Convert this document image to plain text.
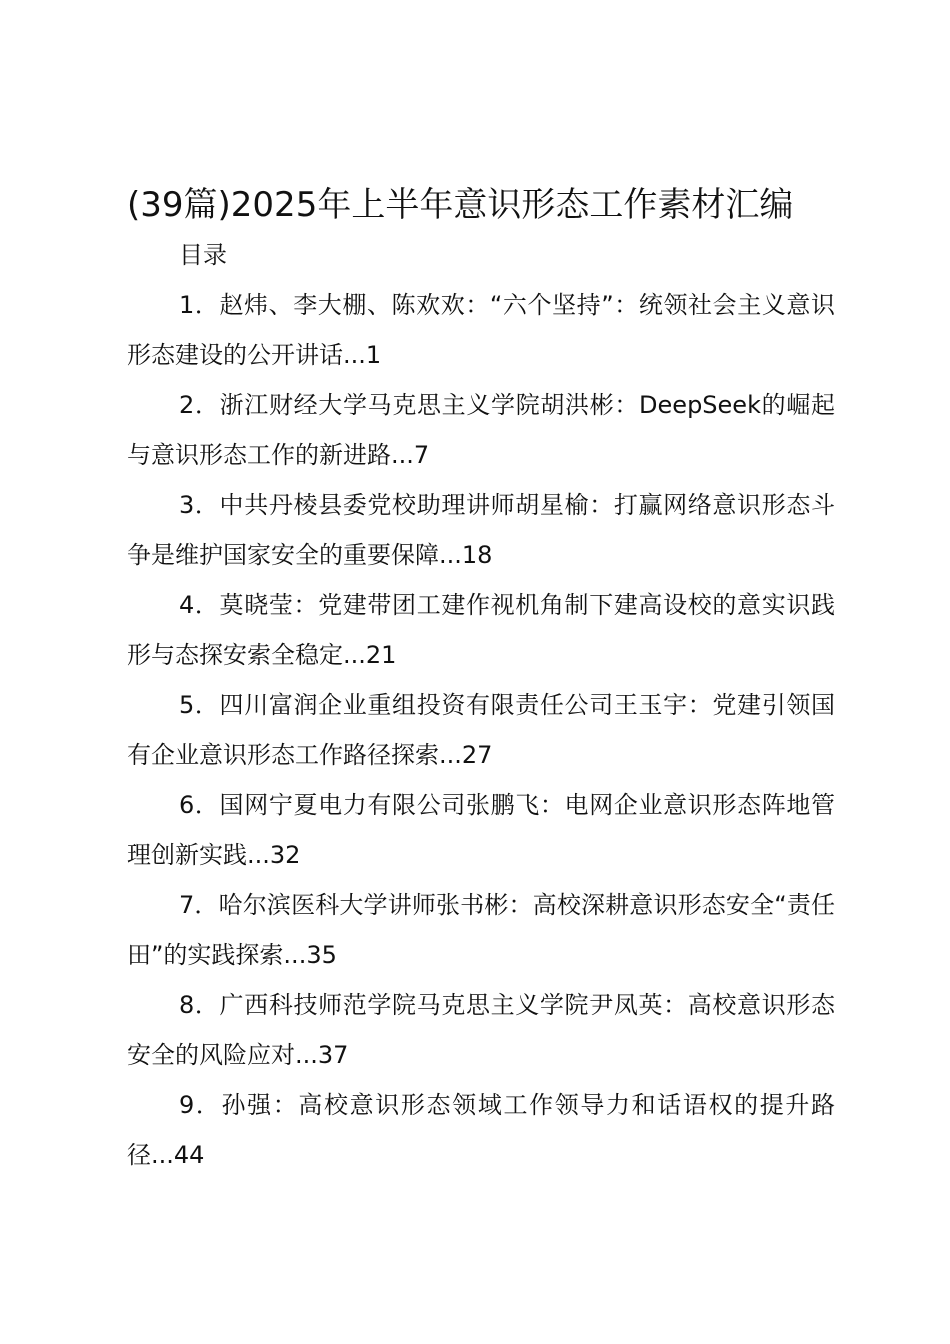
(39篇)2025年上半年意识形态工作素材汇编
目录
1．赵炜、李大棚、陈欢欢：“六个坚持”：统领社会主义意识形态建设的公开讲话...1
2．浙江财经大学马克思主义学院胡洪彬：DeepSeek的崛起与意识形态工作的新进路...7
3．中共丹棱县委党校助理讲师胡星榆：打赢网络意识形态斗争是维护国家安全的重要保障...18
4．莫晓莹：党建带团工建作视机角制下建高设校的意实识践形与态探安索全稳定...21
5．四川富润企业重组投资有限责任公司王玉宇：党建引领国有企业意识形态工作路径探索...27
6．国网宁夏电力有限公司张鹏飞：电网企业意识形态阵地管理创新实践...32
7．哈尔滨医科大学讲师张书彬：高校深耕意识形态安全“责任田”的实践探索...35
8．广西科技师范学院马克思主义学院尹凤英：高校意识形态安全的风险应对...37
9．孙强：高校意识形态领域工作领导力和话语权的提升路径...44
